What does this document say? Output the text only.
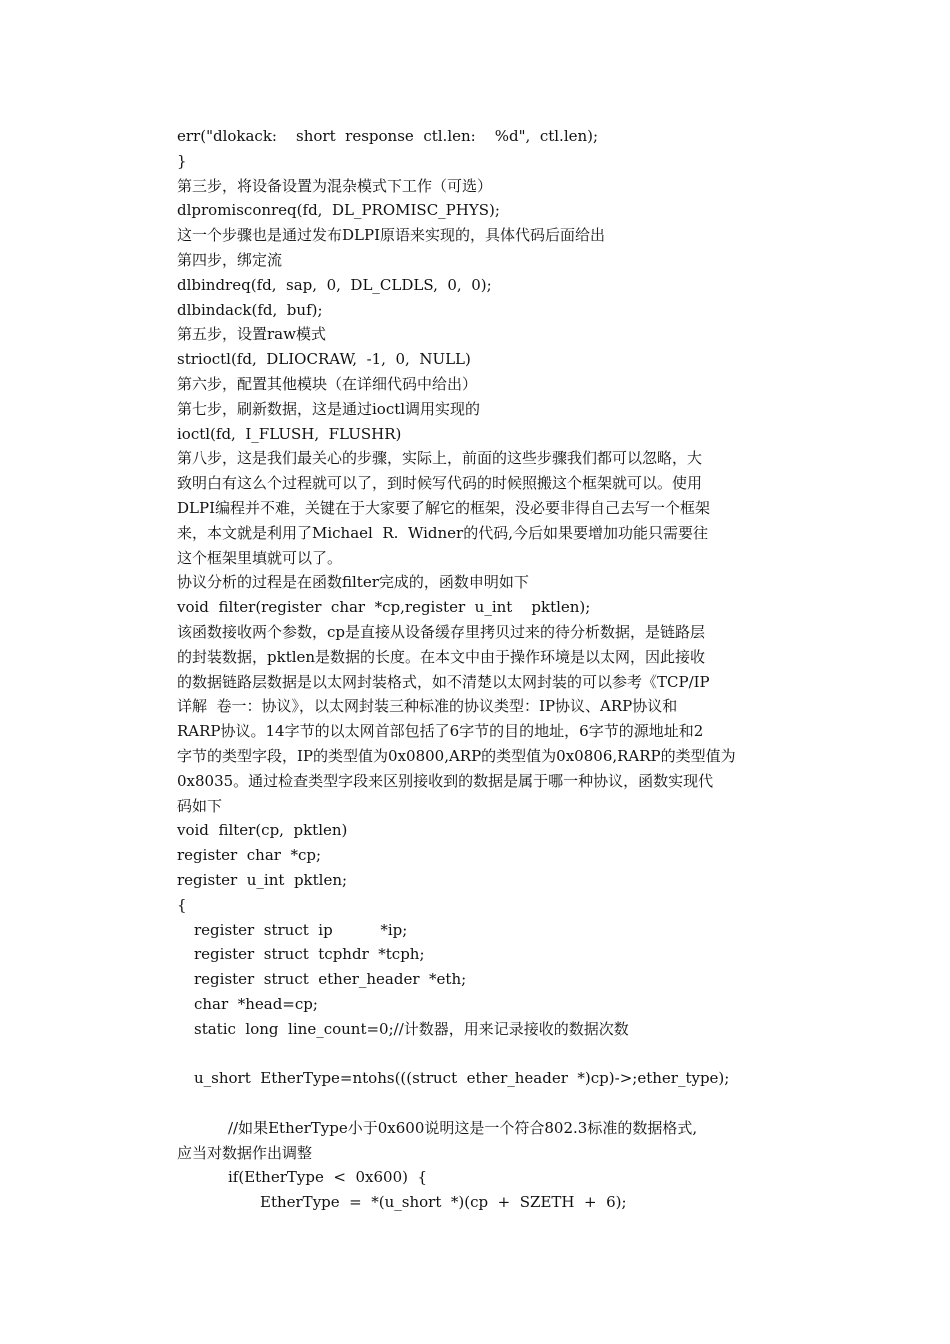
err("dlokack:    short  response  ctl.len:    %d",  ctl.len);
}
第三步，将设备设置为混杂模式下工作（可选）
dlpromisconreq(fd,  DL_PROMISC_PHYS);
这一个步骤也是通过发布DLPI原语来实现的，具体代码后面给出
第四步，绑定流
dlbindreq(fd,  sap,  0,  DL_CLDLS,  0,  0);
dlbindack(fd,  buf);
第五步，设置raw模式
strioctl(fd,  DLIOCRAW,  -1,  0,  NULL)
第六步，配置其他模块（在详细代码中给出）
第七步，刷新数据，这是通过ioctl调用实现的
ioctl(fd,  I_FLUSH,  FLUSHR)
第八步，这是我们最关心的步骤，实际上，前面的这些步骤我们都可以忽略，大
致明白有这么个过程就可以了，到时候写代码的时候照搬这个框架就可以。使用
DLPI编程并不难，关键在于大家要了解它的框架，没必要非得自己去写一个框架
来，本文就是利用了Michael  R.  Widner的代码,今后如果要增加功能只需要往
这个框架里填就可以了。
协议分析的过程是在函数filter完成的，函数申明如下
void  filter(register  char  *cp,register  u_int    pktlen);
该函数接收两个参数，cp是直接从设备缓存里拷贝过来的待分析数据，是链路层
的封装数据，pktlen是数据的长度。在本文中由于操作环境是以太网，因此接收
的数据链路层数据是以太网封装格式，如不清楚以太网封装的可以参考《TCP/IP
详解  卷一：协议》，以太网封装三种标准的协议类型：IP协议、ARP协议和
RARP协议。14字节的以太网首部包括了6字节的目的地址，6字节的源地址和2
字节的类型字段，IP的类型值为0x0800,ARP的类型值为0x0806,RARP的类型值为
0x8035。通过检查类型字段来区别接收到的数据是属于哪一种协议，函数实现代
码如下
void  filter(cp,  pktlen)
register  char  *cp;
register  u_int  pktlen;
{
register  struct  ip          *ip;
register  struct  tcphdr  *tcph;
register  struct  ether_header  *eth;
char  *head=cp;
static  long  line_count=0;//计数器，用来记录接收的数据次数
u_short  EtherType=ntohs(((struct  ether_header  *)cp)->;ether_type);
//如果EtherType小于0x600说明这是一个符合802.3标准的数据格式,
应当对数据作出调整
if(EtherType  <  0x600)  {
EtherType  =  *(u_short  *)(cp  +  SZETH  +  6);
